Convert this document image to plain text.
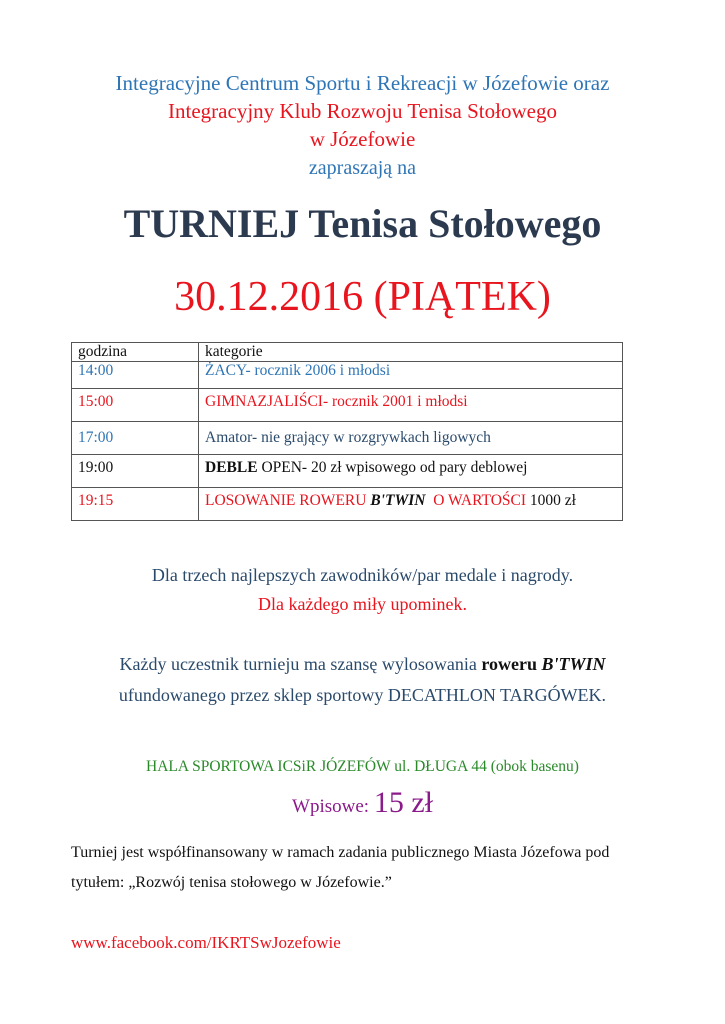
Integracyjne Centrum Sportu i Rekreacji w Józefowie oraz
Integracyjny Klub Rozwoju Tenisa Stołowego
w Józefowie
zapraszają na
TURNIEJ Tenisa Stołowego
30.12.2016 (PIĄTEK)
godzina	kategorie
14:00	ŻACY- rocznik 2006 i młodsi
15:00	GIMNAZJALIŚCI- rocznik 2001 i młodsi
17:00	Amator- nie grający w rozgrywkach ligowych
19:00	DEBLE OPEN- 20 zł wpisowego od pary deblowej
19:15	LOSOWANIE ROWERU B'TWIN  O WARTOŚCI 1000 zł
Dla trzech najlepszych zawodników/par medale i nagrody.
Dla każdego miły upominek.
Każdy uczestnik turnieju ma szansę wylosowania roweru B'TWIN
ufundowanego przez sklep sportowy DECATHLON TARGÓWEK.
HALA SPORTOWA ICSiR JÓZEFÓW ul. DŁUGA 44 (obok basenu)
Wpisowe: 15 zł
Turniej jest współfinansowany w ramach zadania publicznego Miasta Józefowa pod
tytułem: „Rozwój tenisa stołowego w Józefowie.”
www.facebook.com/IKRTSwJozefowie
